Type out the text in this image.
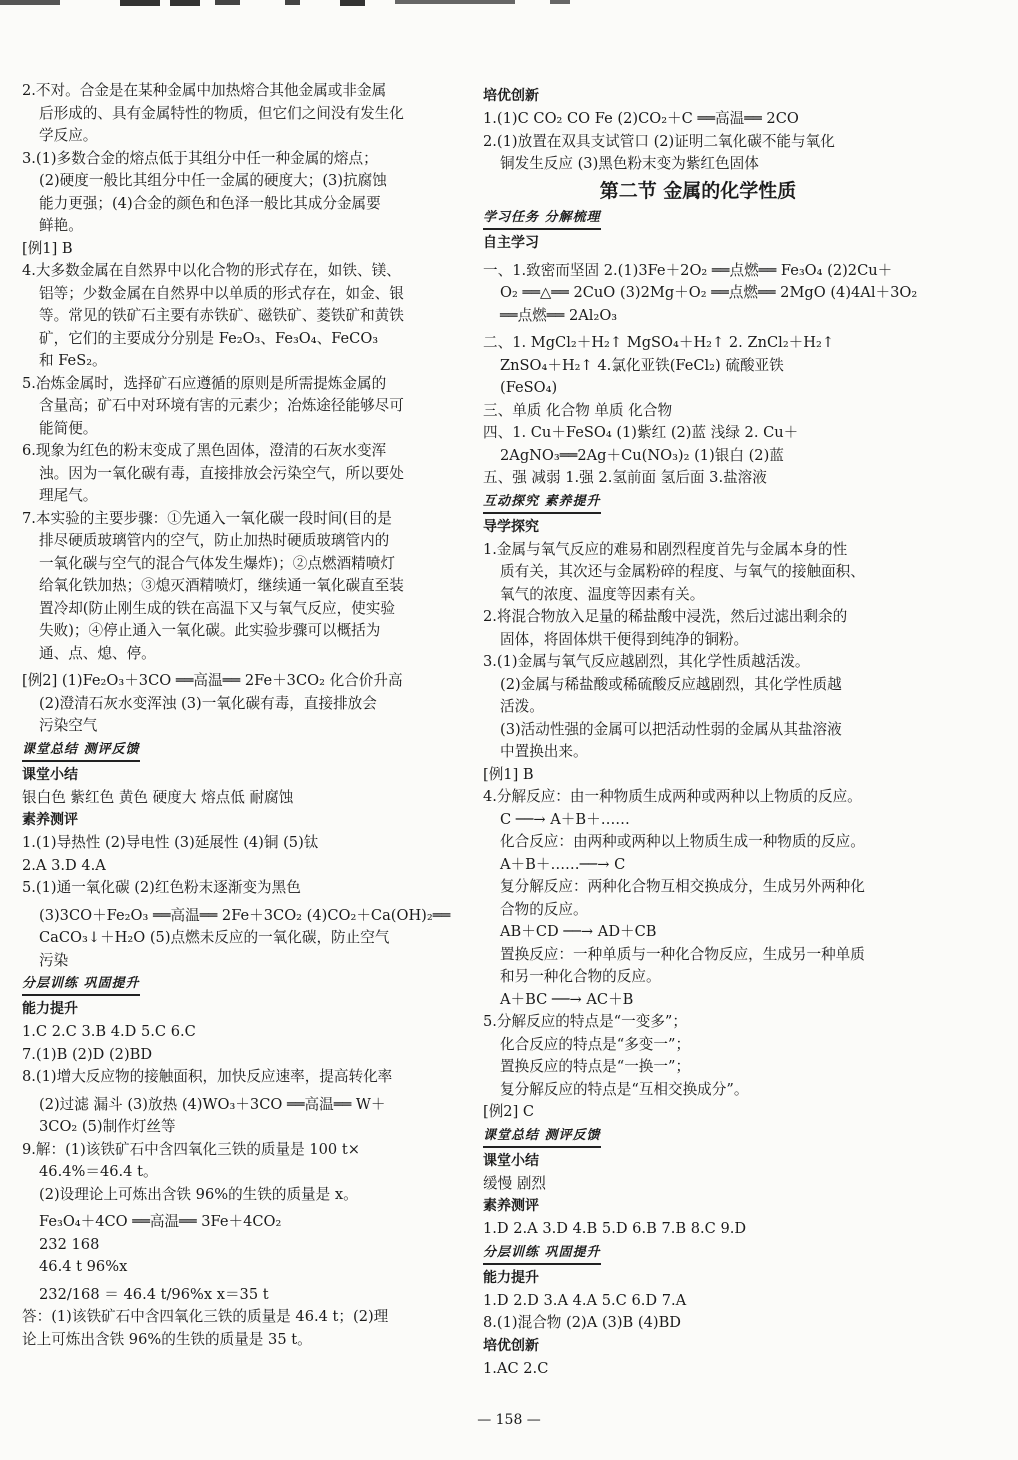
2.不对。合金是在某种金属中加热熔合其他金属或非金属
后形成的、具有金属特性的物质，但它们之间没有发生化
学反应。
3.(1)多数合金的熔点低于其组分中任一种金属的熔点；
(2)硬度一般比其组分中任一金属的硬度大；(3)抗腐蚀
能力更强；(4)合金的颜色和色泽一般比其成分金属要
鲜艳。
[例1] B
4.大多数金属在自然界中以化合物的形式存在，如铁、镁、
铝等；少数金属在自然界中以单质的形式存在，如金、银
等。常见的铁矿石主要有赤铁矿、磁铁矿、菱铁矿和黄铁
矿，它们的主要成分分别是 Fe₂O₃、Fe₃O₄、FeCO₃
和 FeS₂。
5.冶炼金属时，选择矿石应遵循的原则是所需提炼金属的
含量高；矿石中对环境有害的元素少；冶炼途径能够尽可
能简便。
6.现象为红色的粉末变成了黑色固体，澄清的石灰水变浑
浊。因为一氧化碳有毒，直接排放会污染空气，所以要处
理尾气。
7.本实验的主要步骤：①先通入一氧化碳一段时间(目的是
排尽硬质玻璃管内的空气，防止加热时硬质玻璃管内的
一氧化碳与空气的混合气体发生爆炸)；②点燃酒精喷灯
给氧化铁加热；③熄灭酒精喷灯，继续通一氧化碳直至装
置冷却(防止刚生成的铁在高温下又与氧气反应，使实验
失败)；④停止通入一氧化碳。此实验步骤可以概括为
通、点、熄、停。
[例2] (1)Fe₂O₃＋3CO ══高温══ 2Fe＋3CO₂ 化合价升高
(2)澄清石灰水变浑浊 (3)一氧化碳有毒，直接排放会
污染空气
课堂总结 测评反馈
课堂小结
银白色 紫红色 黄色 硬度大 熔点低 耐腐蚀
素养测评
1.(1)导热性 (2)导电性 (3)延展性 (4)铜 (5)钛
2.A 3.D 4.A
5.(1)通一氧化碳 (2)红色粉末逐渐变为黑色
(3)3CO＋Fe₂O₃ ══高温══ 2Fe＋3CO₂ (4)CO₂＋Ca(OH)₂══
CaCO₃↓＋H₂O (5)点燃未反应的一氧化碳，防止空气
污染
分层训练 巩固提升
能力提升
1.C 2.C 3.B 4.D 5.C 6.C
7.(1)B (2)D (2)BD
8.(1)增大反应物的接触面积，加快反应速率，提高转化率
(2)过滤 漏斗 (3)放热 (4)WO₃＋3CO ══高温══ W＋
3CO₂ (5)制作灯丝等
9.解：(1)该铁矿石中含四氧化三铁的质量是 100 t×
46.4%＝46.4 t。
(2)设理论上可炼出含铁 96%的生铁的质量是 x。
Fe₃O₄＋4CO ══高温══ 3Fe＋4CO₂
232 168
46.4 t 96%x
232/168 ＝ 46.4 t/96%x x＝35 t
答：(1)该铁矿石中含四氧化三铁的质量是 46.4 t；(2)理
论上可炼出含铁 96%的生铁的质量是 35 t。
培优创新
1.(1)C CO₂ CO Fe (2)CO₂＋C ══高温══ 2CO
2.(1)放置在双具支试管口 (2)证明二氧化碳不能与氧化
铜发生反应 (3)黑色粉末变为紫红色固体
第二节 金属的化学性质
学习任务 分解梳理
自主学习
一、1.致密而坚固 2.(1)3Fe＋2O₂ ══点燃══ Fe₃O₄ (2)2Cu＋
O₂ ══△══ 2CuO (3)2Mg＋O₂ ══点燃══ 2MgO (4)4Al＋3O₂
══点燃══ 2Al₂O₃
二、1. MgCl₂＋H₂↑ MgSO₄＋H₂↑ 2. ZnCl₂＋H₂↑
ZnSO₄＋H₂↑ 4.氯化亚铁(FeCl₂) 硫酸亚铁
(FeSO₄)
三、单质 化合物 单质 化合物
四、1. Cu＋FeSO₄ (1)紫红 (2)蓝 浅绿 2. Cu＋
2AgNO₃══2Ag＋Cu(NO₃)₂ (1)银白 (2)蓝
五、强 减弱 1.强 2.氢前面 氢后面 3.盐溶液
互动探究 素养提升
导学探究
1.金属与氧气反应的难易和剧烈程度首先与金属本身的性
质有关，其次还与金属粉碎的程度、与氧气的接触面积、
氧气的浓度、温度等因素有关。
2.将混合物放入足量的稀盐酸中浸洗，然后过滤出剩余的
固体，将固体烘干便得到纯净的铜粉。
3.(1)金属与氧气反应越剧烈，其化学性质越活泼。
(2)金属与稀盐酸或稀硫酸反应越剧烈，其化学性质越
活泼。
(3)活动性强的金属可以把活动性弱的金属从其盐溶液
中置换出来。
[例1] B
4.分解反应：由一种物质生成两种或两种以上物质的反应。
C ──→ A＋B＋……
化合反应：由两种或两种以上物质生成一种物质的反应。
A＋B＋……──→ C
复分解反应：两种化合物互相交换成分，生成另外两种化
合物的反应。
AB＋CD ──→ AD＋CB
置换反应：一种单质与一种化合物反应，生成另一种单质
和另一种化合物的反应。
A＋BC ──→ AC＋B
5.分解反应的特点是“一变多”；
化合反应的特点是“多变一”；
置换反应的特点是“一换一”；
复分解反应的特点是“互相交换成分”。
[例2] C
课堂总结 测评反馈
课堂小结
缓慢 剧烈
素养测评
1.D 2.A 3.D 4.B 5.D 6.B 7.B 8.C 9.D
分层训练 巩固提升
能力提升
1.D 2.D 3.A 4.A 5.C 6.D 7.A
8.(1)混合物 (2)A (3)B (4)BD
培优创新
1.AC 2.C
— 158 —
